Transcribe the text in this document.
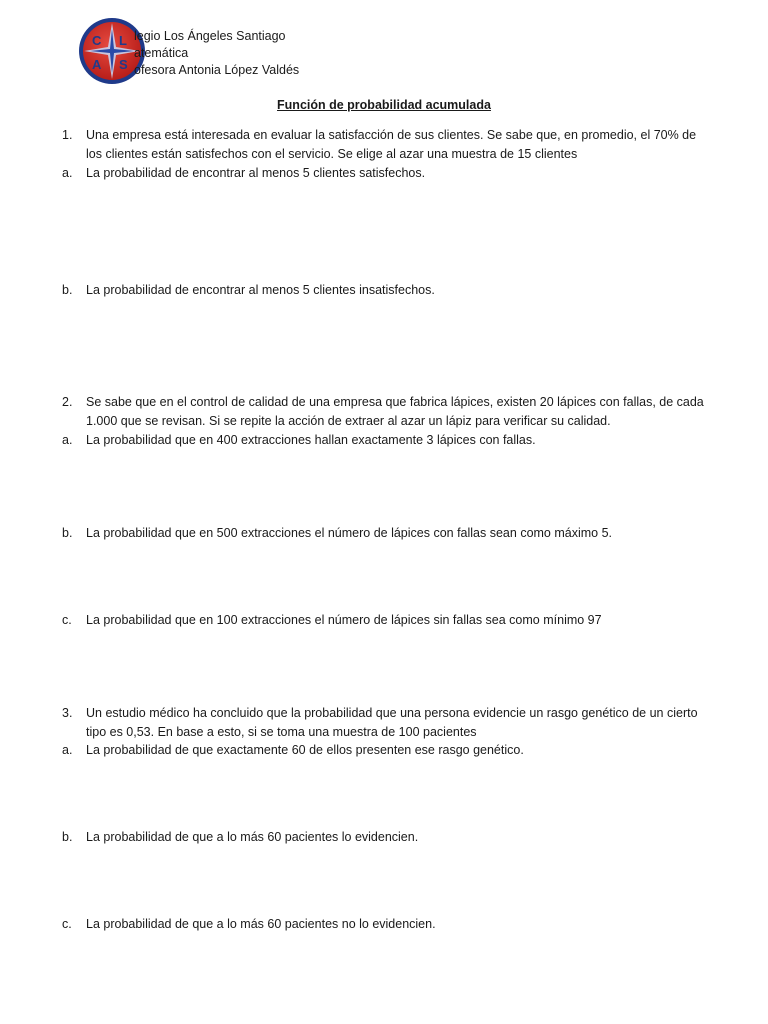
C L
A S
legio Los Ángeles Santiago
atemática
ofesora Antonia López Valdés
Función de probabilidad acumulada
1. Una empresa está interesada en evaluar la satisfacción de sus clientes. Se sabe que, en promedio, el 70% de los clientes están satisfechos con el servicio. Se elige al azar una muestra de 15 clientes
a. La probabilidad de encontrar al menos 5 clientes satisfechos.
b. La probabilidad de encontrar al menos 5 clientes insatisfechos.
2. Se sabe que en el control de calidad de una empresa que fabrica lápices, existen 20 lápices con fallas, de cada 1.000 que se revisan. Si se repite la acción de extraer al azar un lápiz para verificar su calidad.
a. La probabilidad que en 400 extracciones hallan exactamente 3 lápices con fallas.
b. La probabilidad que en 500 extracciones el número de lápices con fallas sean como máximo 5.
c. La probabilidad que en 100 extracciones el número de lápices sin fallas sea como mínimo 97
3. Un estudio médico ha concluido que la probabilidad que una persona evidencie un rasgo genético de un cierto tipo es 0,53. En base a esto, si se toma una muestra de 100 pacientes
a. La probabilidad de que exactamente 60 de ellos presenten ese rasgo genético.
b. La probabilidad de que a lo más 60 pacientes lo evidencien.
c. La probabilidad de que a lo más 60 pacientes no lo evidencien.
